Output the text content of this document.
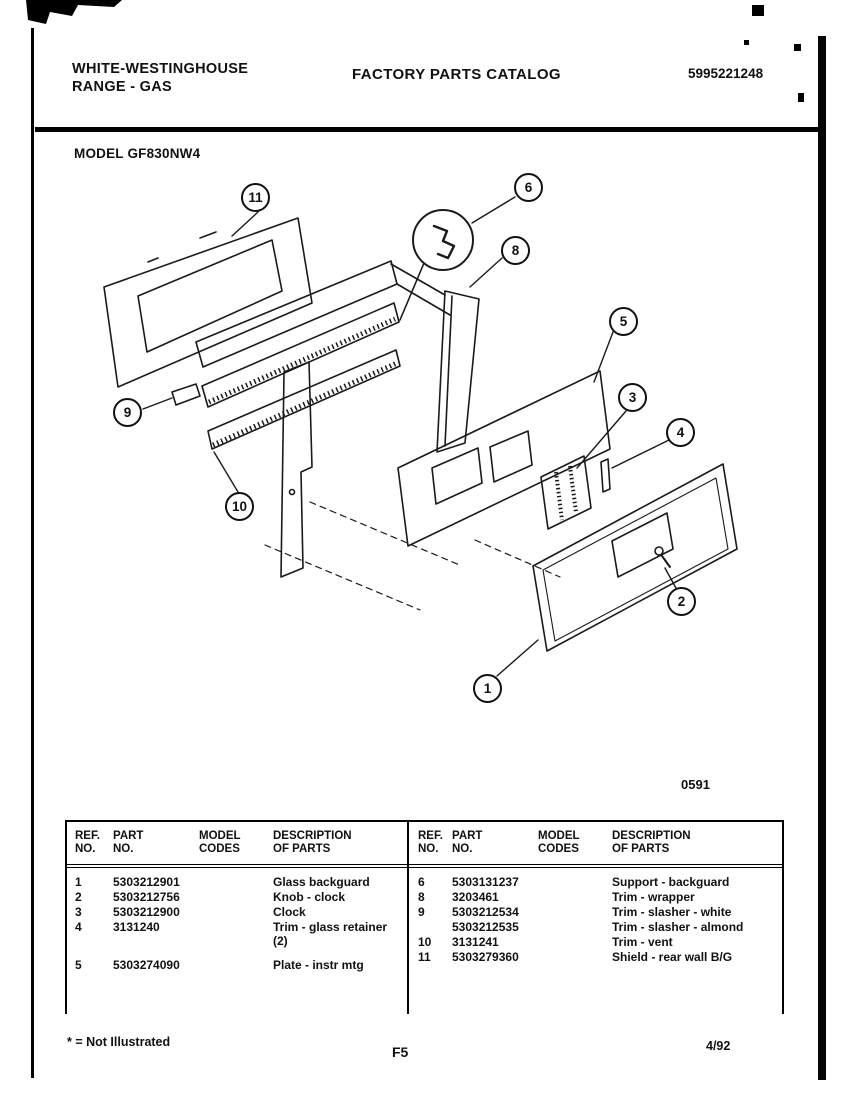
11
6
8
5
3
4
9
10
2
1
WHITE-WESTINGHOUSE
RANGE - GAS
FACTORY PARTS CATALOG	5995221248
MODEL GF830NW4
0591
REF.
NO.
PART
NO.
MODEL
CODES
DESCRIPTION
OF PARTS
1	5303212901	Glass backguard
2	5303212756	Knob - clock
3	5303212900	Clock
4	3131240	Trim - glass retainer (2)
5	5303274090	Plate - instr mtg
REF.
NO.
PART
NO.
MODEL
CODES
DESCRIPTION
OF PARTS
6	5303131237	Support - backguard
8	3203461	Trim - wrapper
9	5303212534	Trim - slasher - white
5303212535	Trim - slasher - almond
10	3131241	Trim - vent
11	5303279360	Shield - rear wall B/G
* = Not Illustrated
F5	4/92
